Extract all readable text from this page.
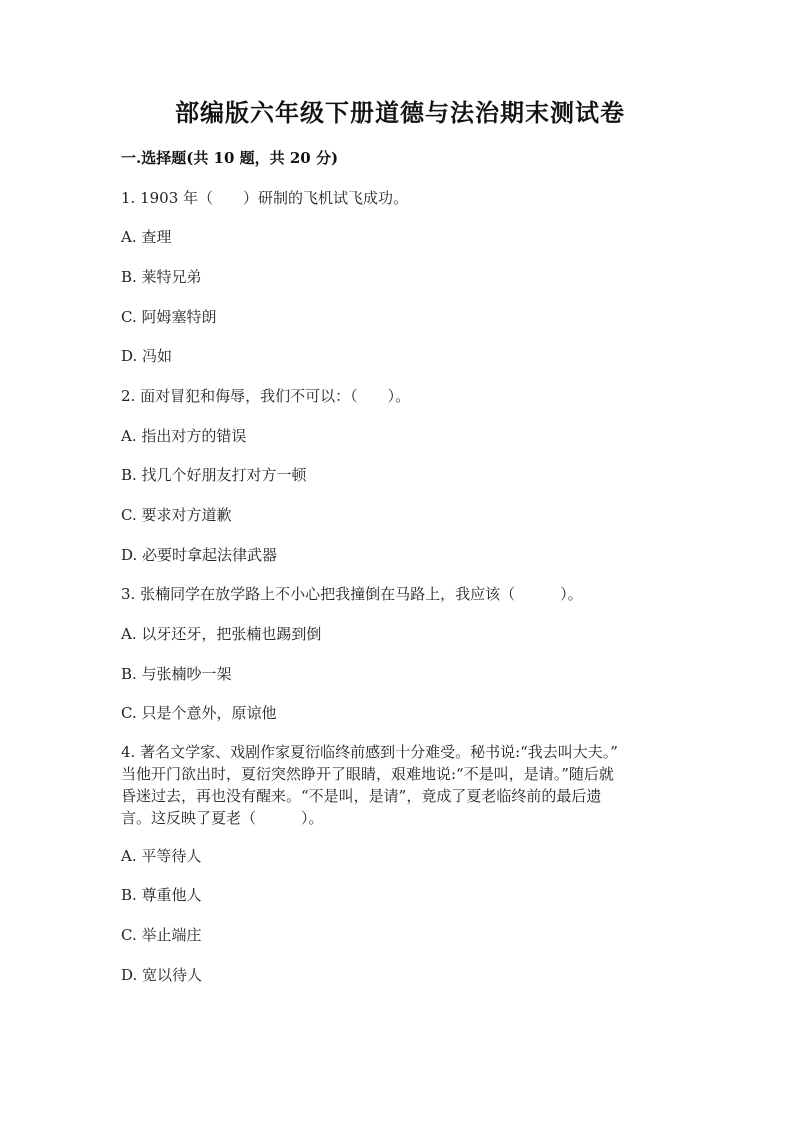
部编版六年级下册道德与法治期末测试卷
一.选择题(共 10 题，共 20 分)
1. 1903 年（　　）研制的飞机试飞成功。
A. 查理
B. 莱特兄弟
C. 阿姆塞特朗
D. 冯如
2. 面对冒犯和侮辱，我们不可以：（　　）。
A. 指出对方的错误
B. 找几个好朋友打对方一顿
C. 要求对方道歉
D. 必要时拿起法律武器
3. 张楠同学在放学路上不小心把我撞倒在马路上，我应该（　　　）。
A. 以牙还牙，把张楠也踢到倒
B. 与张楠吵一架
C. 只是个意外，原谅他
4. 著名文学家、戏剧作家夏衍临终前感到十分难受。秘书说:“我去叫大夫。”
当他开门欲出时，夏衍突然睁开了眼睛，艰难地说:“不是叫，是请。”随后就
昏迷过去，再也没有醒来。“不是叫，是请”，竟成了夏老临终前的最后遗
言。这反映了夏老（　　　）。
A. 平等待人
B. 尊重他人
C. 举止端庄
D. 宽以待人
